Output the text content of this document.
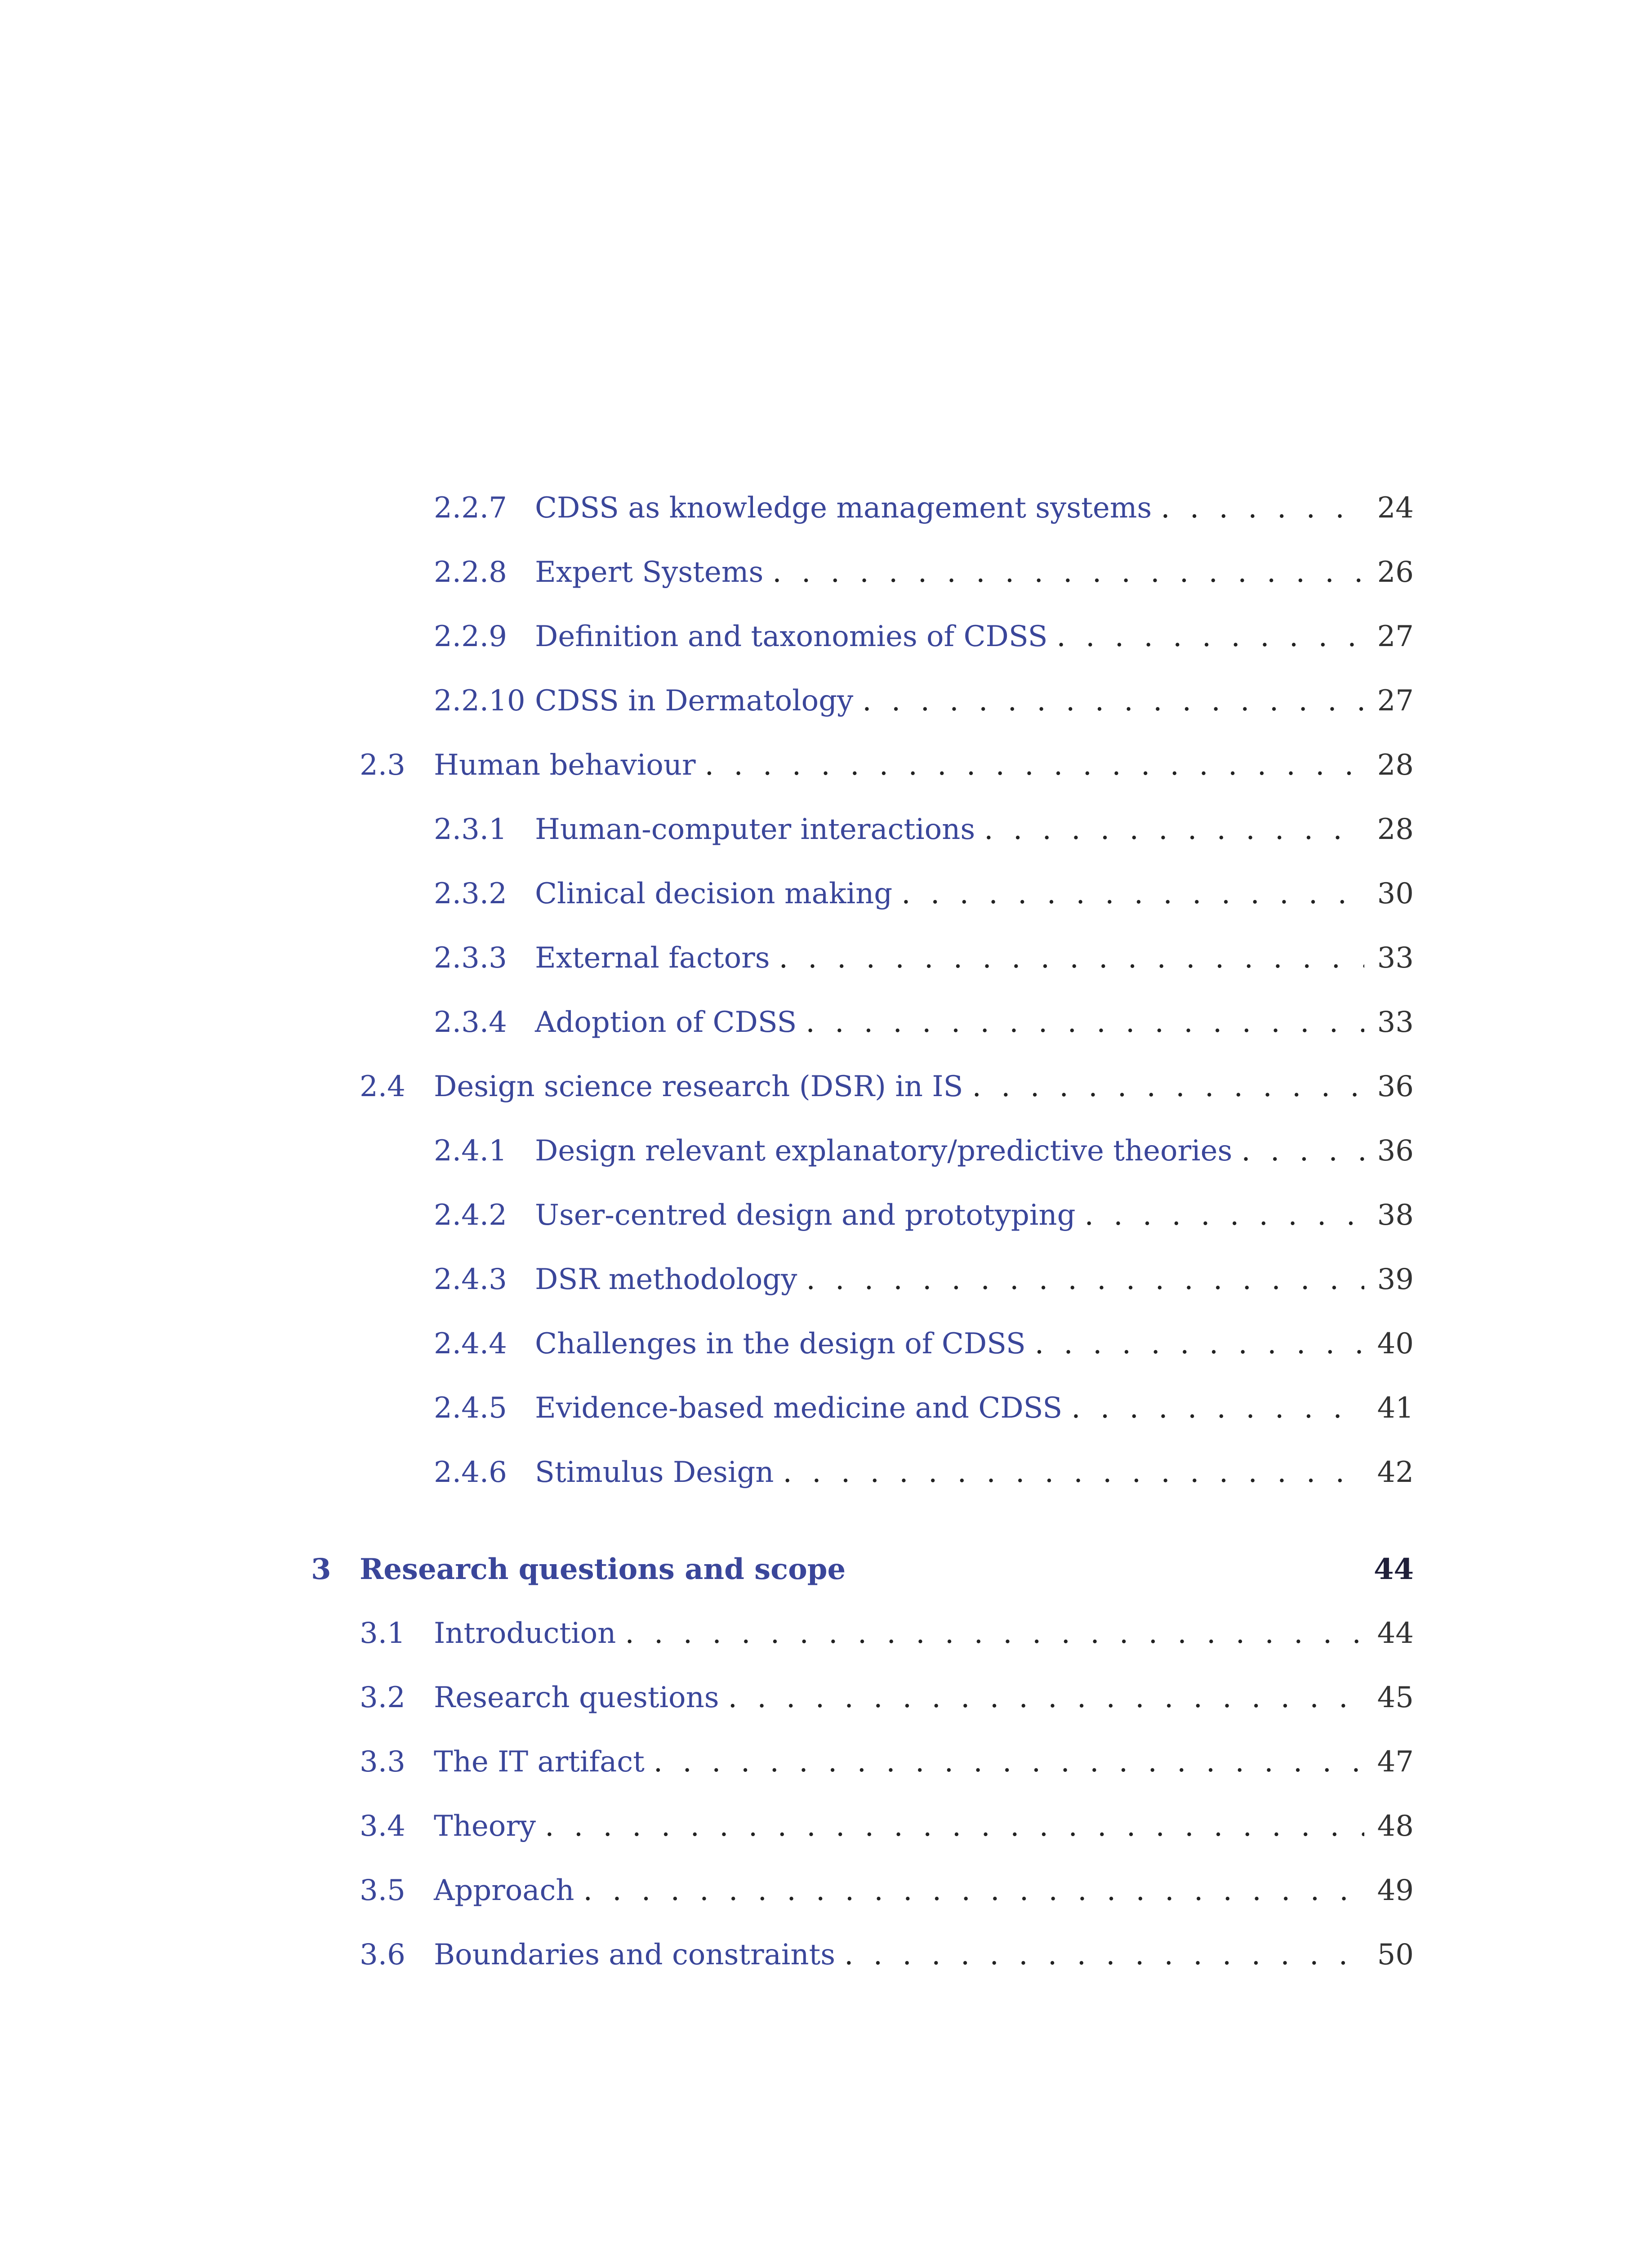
2.2.7 CDSS as knowledge management systems . . .	24
2.2.8 Expert Systems . . .	26
2.2.9 Definition and taxonomies of CDSS . . .	27
2.2.10 CDSS in Dermatology . . .	27
2.3 Human behaviour . . .	28
2.3.1 Human-computer interactions . . .	28
2.3.2 Clinical decision making . . .	30
2.3.3 External factors . . .	33
2.3.4 Adoption of CDSS . . .	33
2.4 Design science research (DSR) in IS . . .	36
2.4.1 Design relevant explanatory/predictive theories . . .	36
2.4.2 User-centred design and prototyping . . .	38
2.4.3 DSR methodology . . .	39
2.4.4 Challenges in the design of CDSS . . .	40
2.4.5 Evidence-based medicine and CDSS . . .	41
2.4.6 Stimulus Design . . .	42
3 Research questions and scope	44
3.1 Introduction . . .	44
3.2 Research questions . . .	45
3.3 The IT artifact . . .	47
3.4 Theory . . .	48
3.5 Approach . . .	49
3.6 Boundaries and constraints . . .	50
